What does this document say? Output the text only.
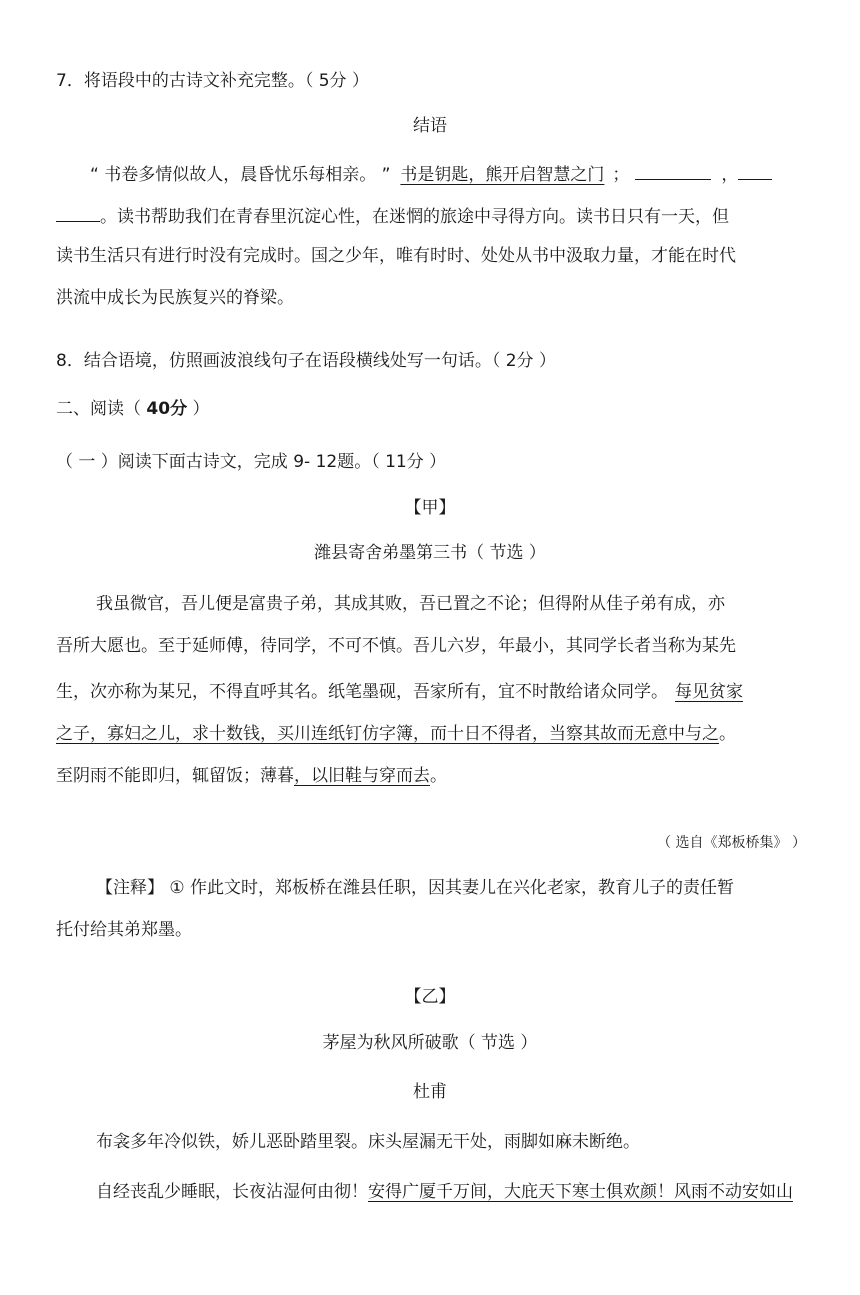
7．将语段中的古诗文补充完整。（ 5分 ）
结语
“ 书卷多情似故人，晨昏忧乐每相亲。 ” 书是钥匙，熊开启智慧之门 ；	，
。读书帮助我们在青春里沉淀心性，在迷惘的旅途中寻得方向。读书日只有一天，但
读书生活只有进行时没有完成时。国之少年，唯有时时、处处从书中汲取力量，才能在时代
洪流中成长为民族复兴的脊梁。
8．结合语境，仿照画波浪线句子在语段横线处写一句话。（ 2分 ）
二、阅读（ 40分 ）
（ 一 ）阅读下面古诗文，完成 9- 12题。（ 11分 ）
【甲】
潍县寄舍弟墨第三书（ 节选 ）
我虽微官，吾儿便是富贵子弟，其成其败，吾已置之不论；但得附从佳子弟有成，亦
吾所大愿也。至于延师傅，待同学，不可不慎。吾儿六岁，年最小，其同学长者当称为某先
生，次亦称为某兄，不得直呼其名。纸笔墨砚，吾家所有，宜不时散给诸众同学。 每见贫家
之子，寡妇之儿，求十数钱，买川连纸钉仿字簿，而十日不得者，当察其故而无意中与之。
至阴雨不能即归，辄留饭；薄暮，以旧鞋与穿而去。
（ 选自《郑板桥集》 ）
【注释】 ① 作此文时，郑板桥在潍县任职，因其妻儿在兴化老家，教育儿子的责任暂
托付给其弟郑墨。
【乙】
茅屋为秋风所破歌（ 节选 ）
杜甫
布衾多年冷似铁，娇儿恶卧踏里裂。床头屋漏无干处，雨脚如麻未断绝。
自经丧乱少睡眠，长夜沾湿何由彻！安得广厦千万间，大庇天下寒士俱欢颜！风雨不动安如山
